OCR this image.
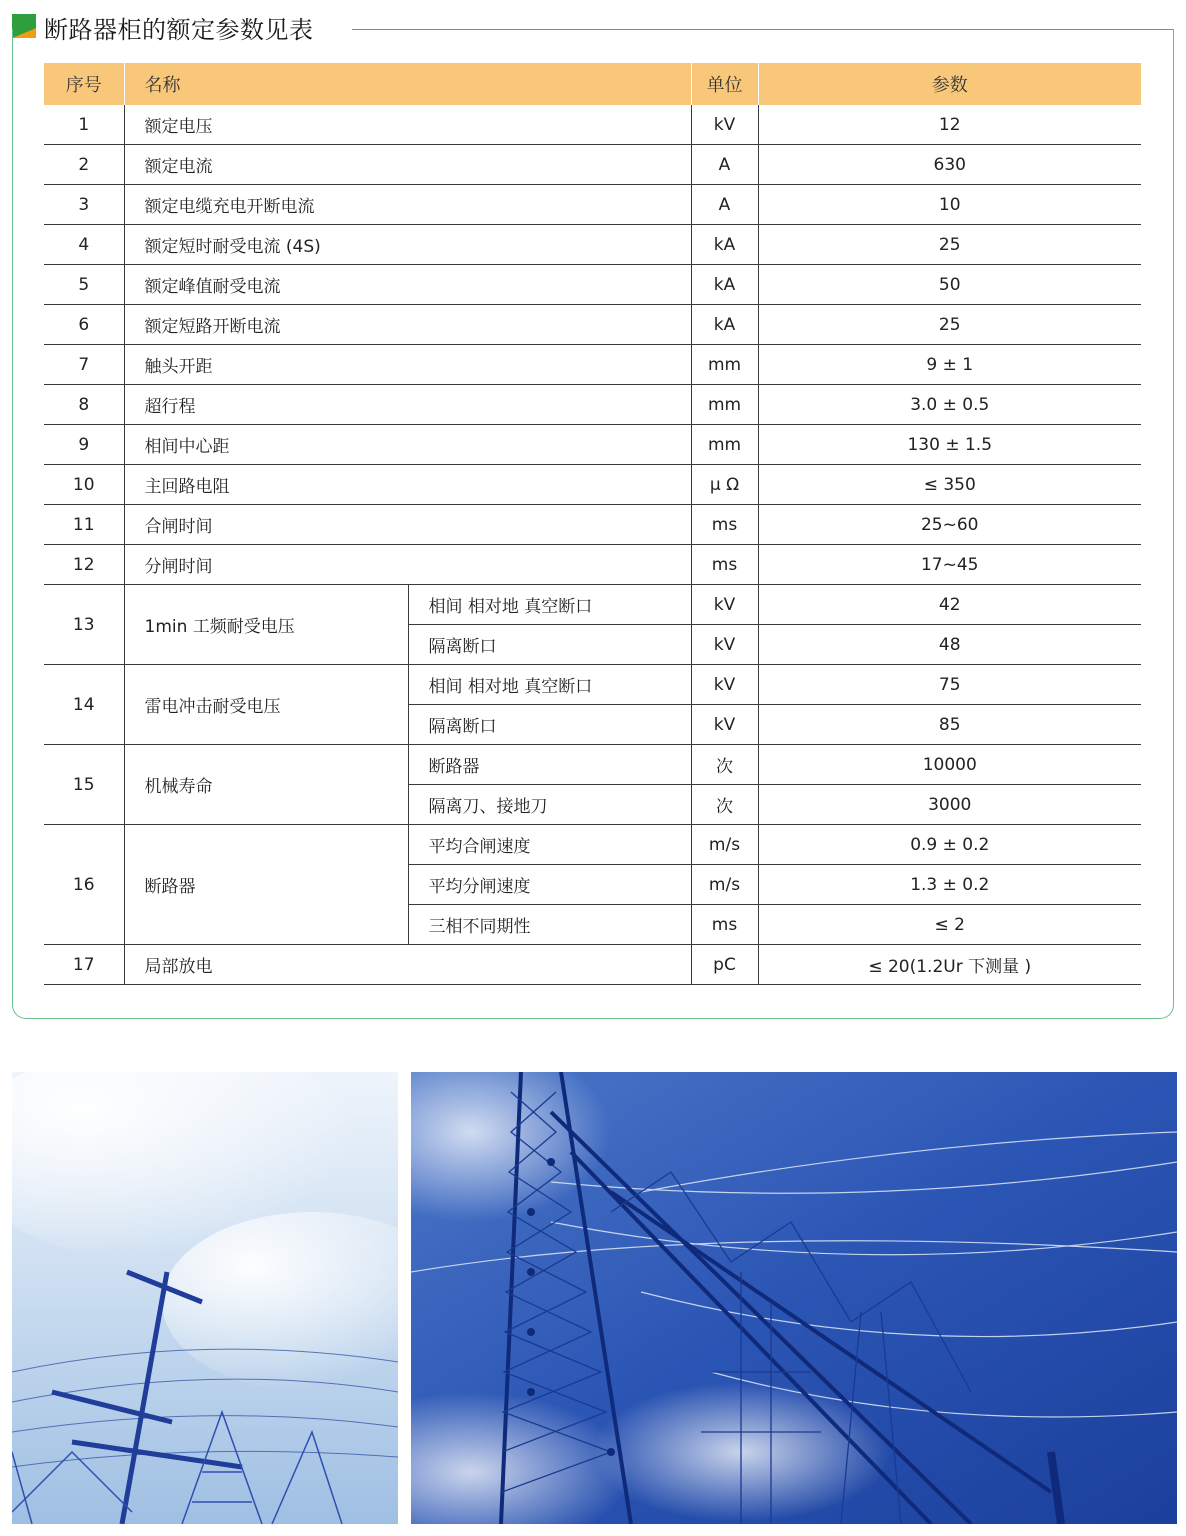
断路器柜的额定参数见表
序号	名称		单位	参数
1	额定电压		kV	12
2	额定电流		A	630
3	额定电缆充电开断电流		A	10
4	额定短时耐受电流 (4S)		kA	25
5	额定峰值耐受电流		kA	50
6	额定短路开断电流		kA	25
7	触头开距		mm	9 ± 1
8	超行程		mm	3.0 ± 0.5
9	相间中心距		mm	130 ± 1.5
10	主回路电阻		μ Ω	≤ 350
11	合闸时间		ms	25~60
12	分闸时间		ms	17~45
13	1min 工频耐受电压	相间 相对地 真空断口	kV	42
		隔离断口	kV	48
14	雷电冲击耐受电压	相间 相对地 真空断口	kV	75
		隔离断口	kV	85
15	机械寿命	断路器	次	10000
		隔离刀、接地刀	次	3000
16	断路器	平均合闸速度	m/s	0.9 ± 0.2
		平均分闸速度	m/s	1.3 ± 0.2
		三相不同期性	ms	≤ 2
17	局部放电		pC	≤ 20(1.2Ur 下测量 )
